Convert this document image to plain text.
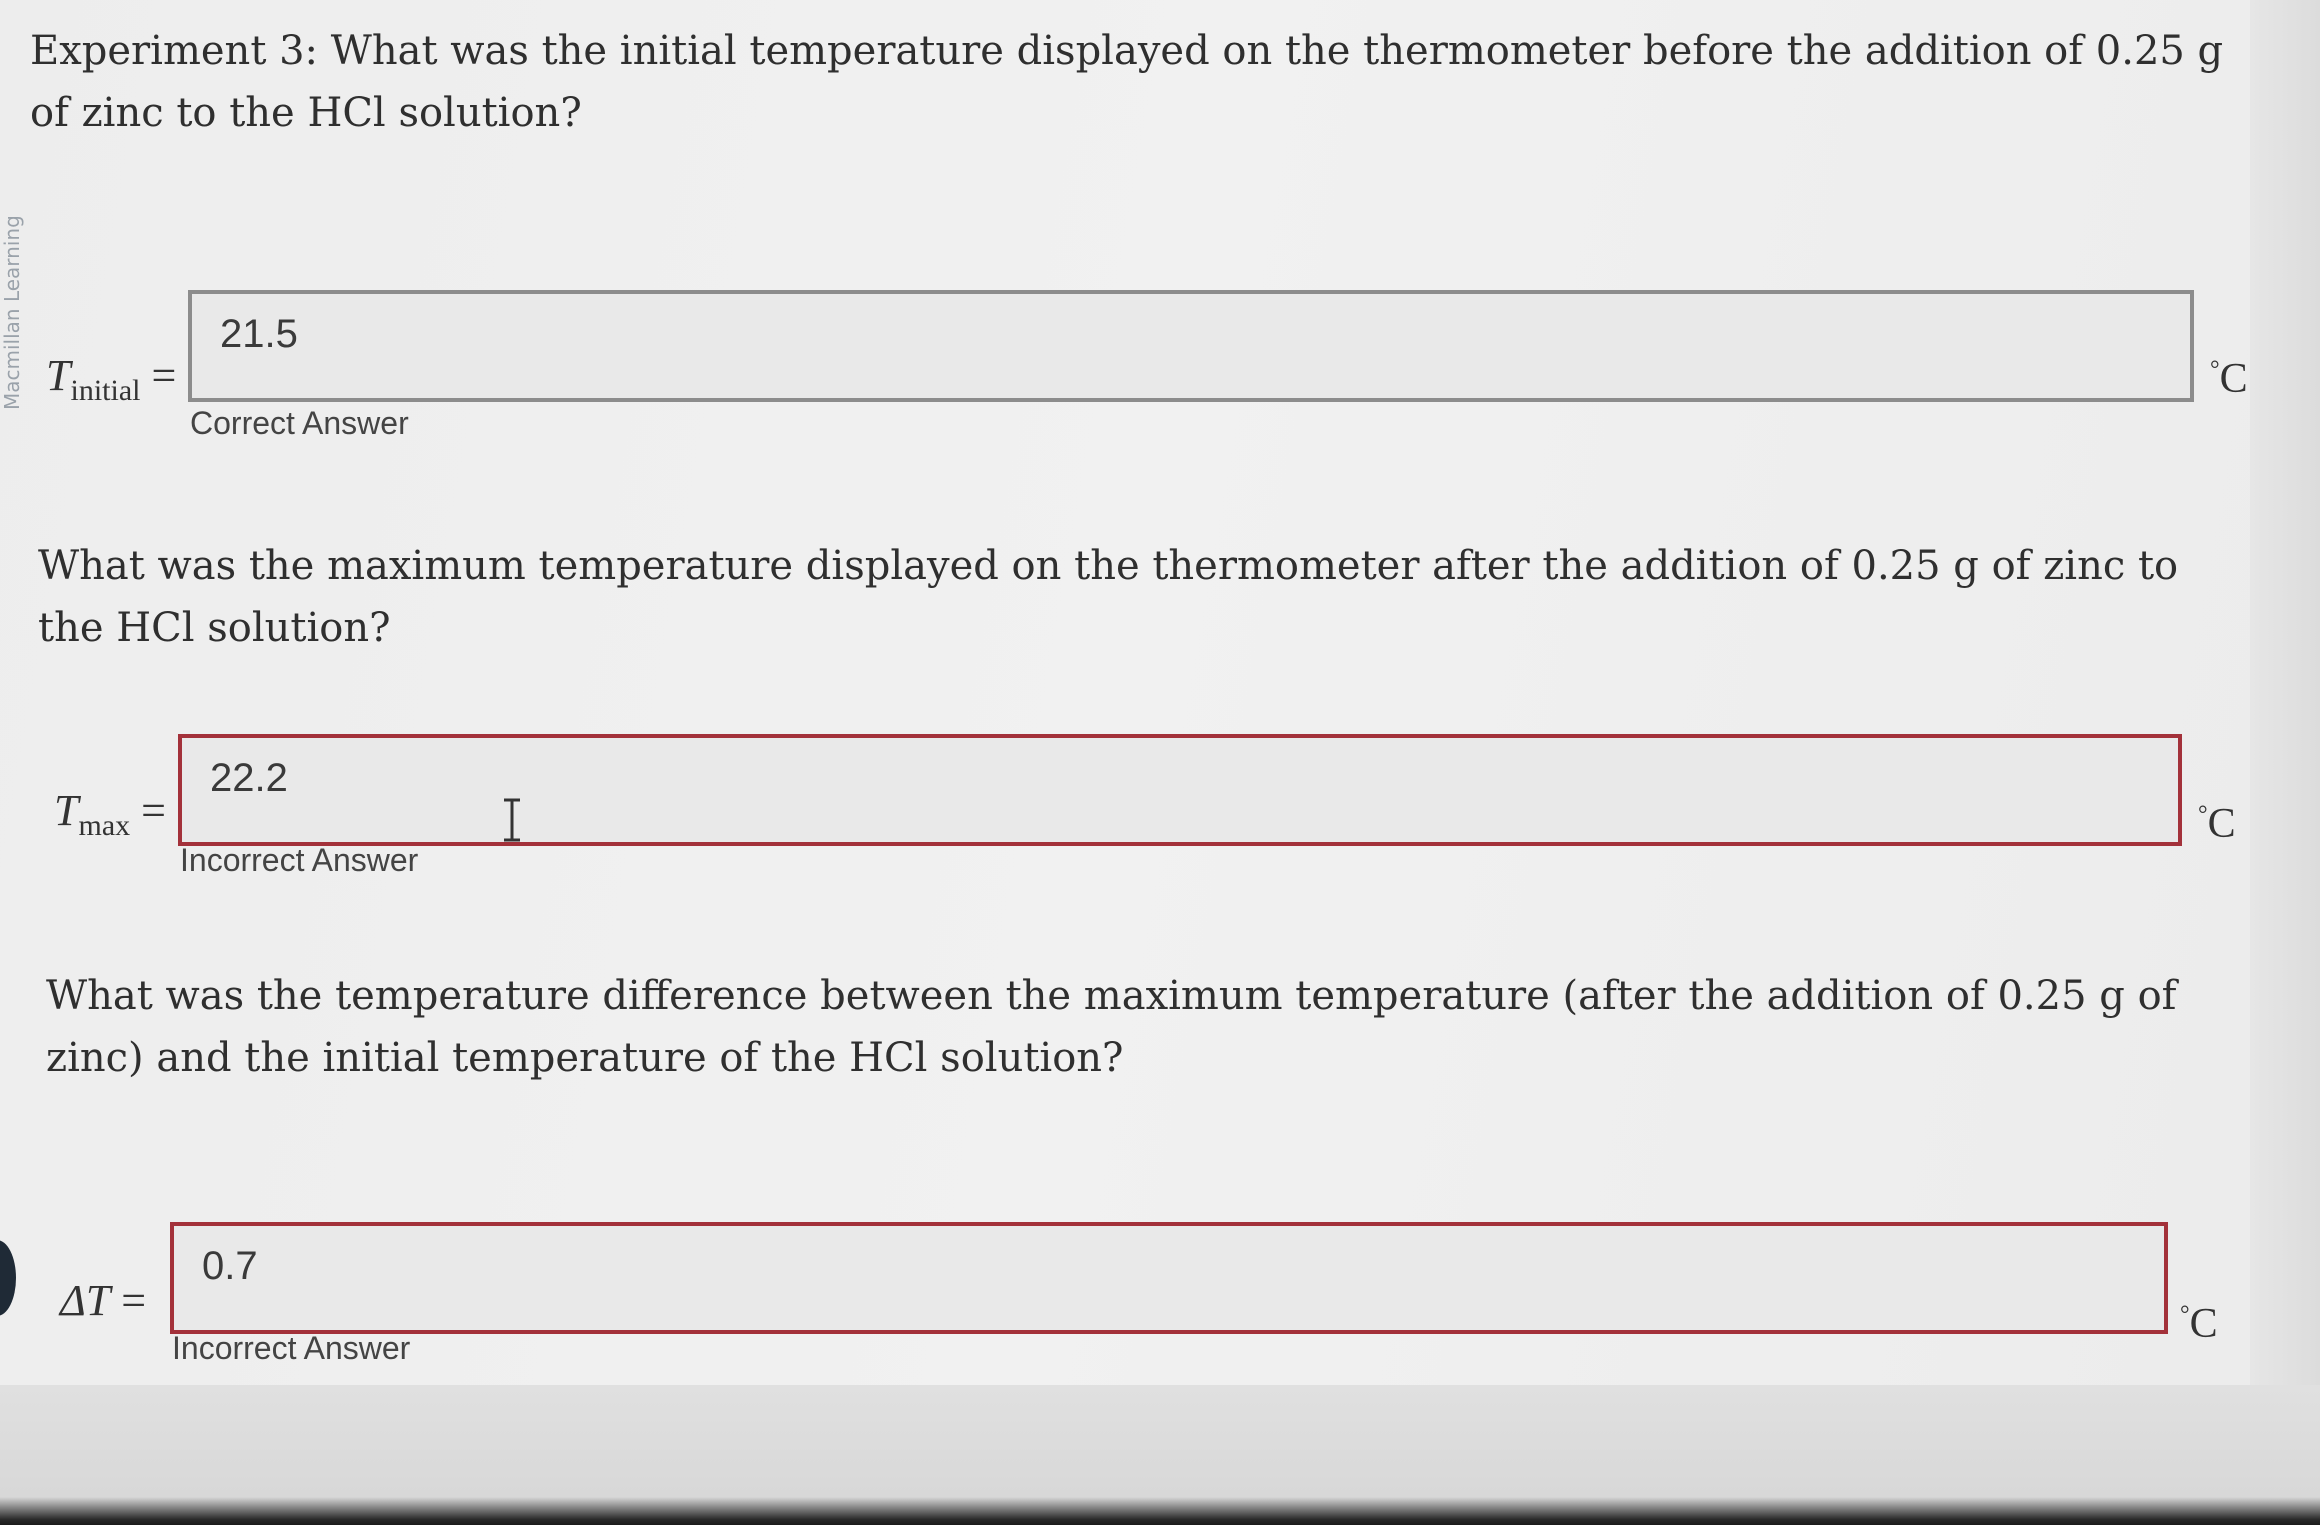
Macmillan Learning
Experiment 3: What was the initial temperature displayed on the thermometer before the addition of 0.25 g of zinc to the HCl solution?
$T_{initial}$ =
21.5
Correct Answer
°C
What was the maximum temperature displayed on the thermometer after the addition of 0.25 g of zinc to the HCl solution?
$T_{max}$ =
22.2
Incorrect Answer
°C
What was the temperature difference between the maximum temperature (after the addition of 0.25 g of zinc) and the initial temperature of the HCl solution?
ΔT =
0.7
Incorrect Answer
°C
